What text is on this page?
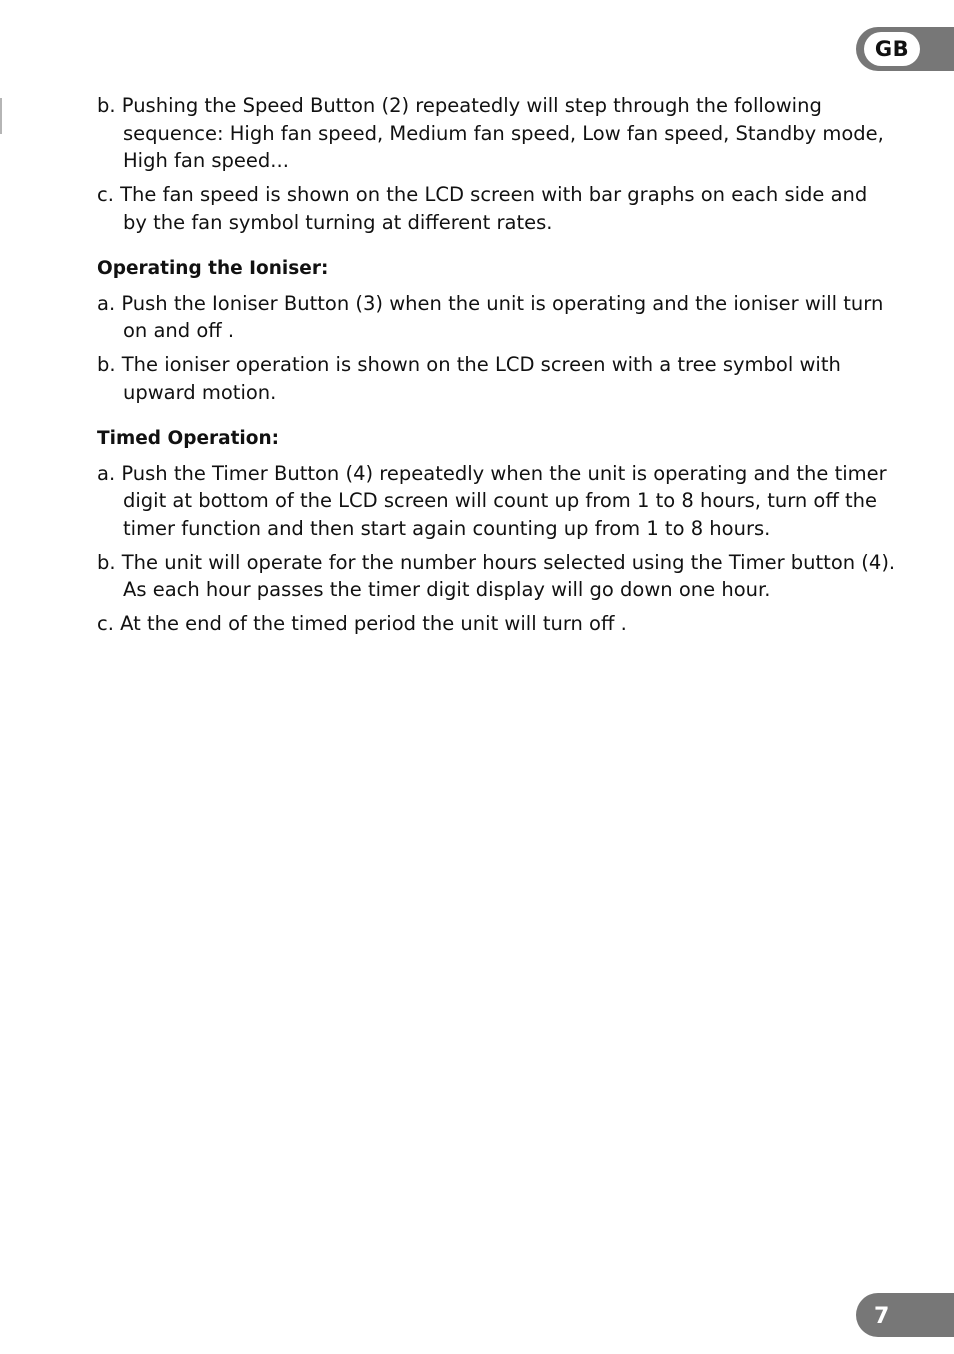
GB

b. Pushing the Speed Button (2) repeatedly will step through the following sequence: High fan speed, Medium fan speed, Low fan speed, Standby mode, High fan speed...

c. The fan speed is shown on the LCD screen with bar graphs on each side and by the fan symbol turning at different rates.

Operating the Ioniser:

a. Push the Ioniser Button (3) when the unit is operating and the ioniser will turn on and off .

b. The ioniser operation is shown on the LCD screen with a tree symbol with upward motion.

Timed Operation:

a. Push the Timer Button (4) repeatedly when the unit is operating and the timer digit at bottom of the LCD screen will count up from 1 to 8 hours, turn off the timer function and then start again counting up from 1 to 8 hours.

b. The unit will operate for the number hours selected using the Timer button (4). As each hour passes the timer digit display will go down one hour.

c. At the end of the timed period the unit will turn off .

7
